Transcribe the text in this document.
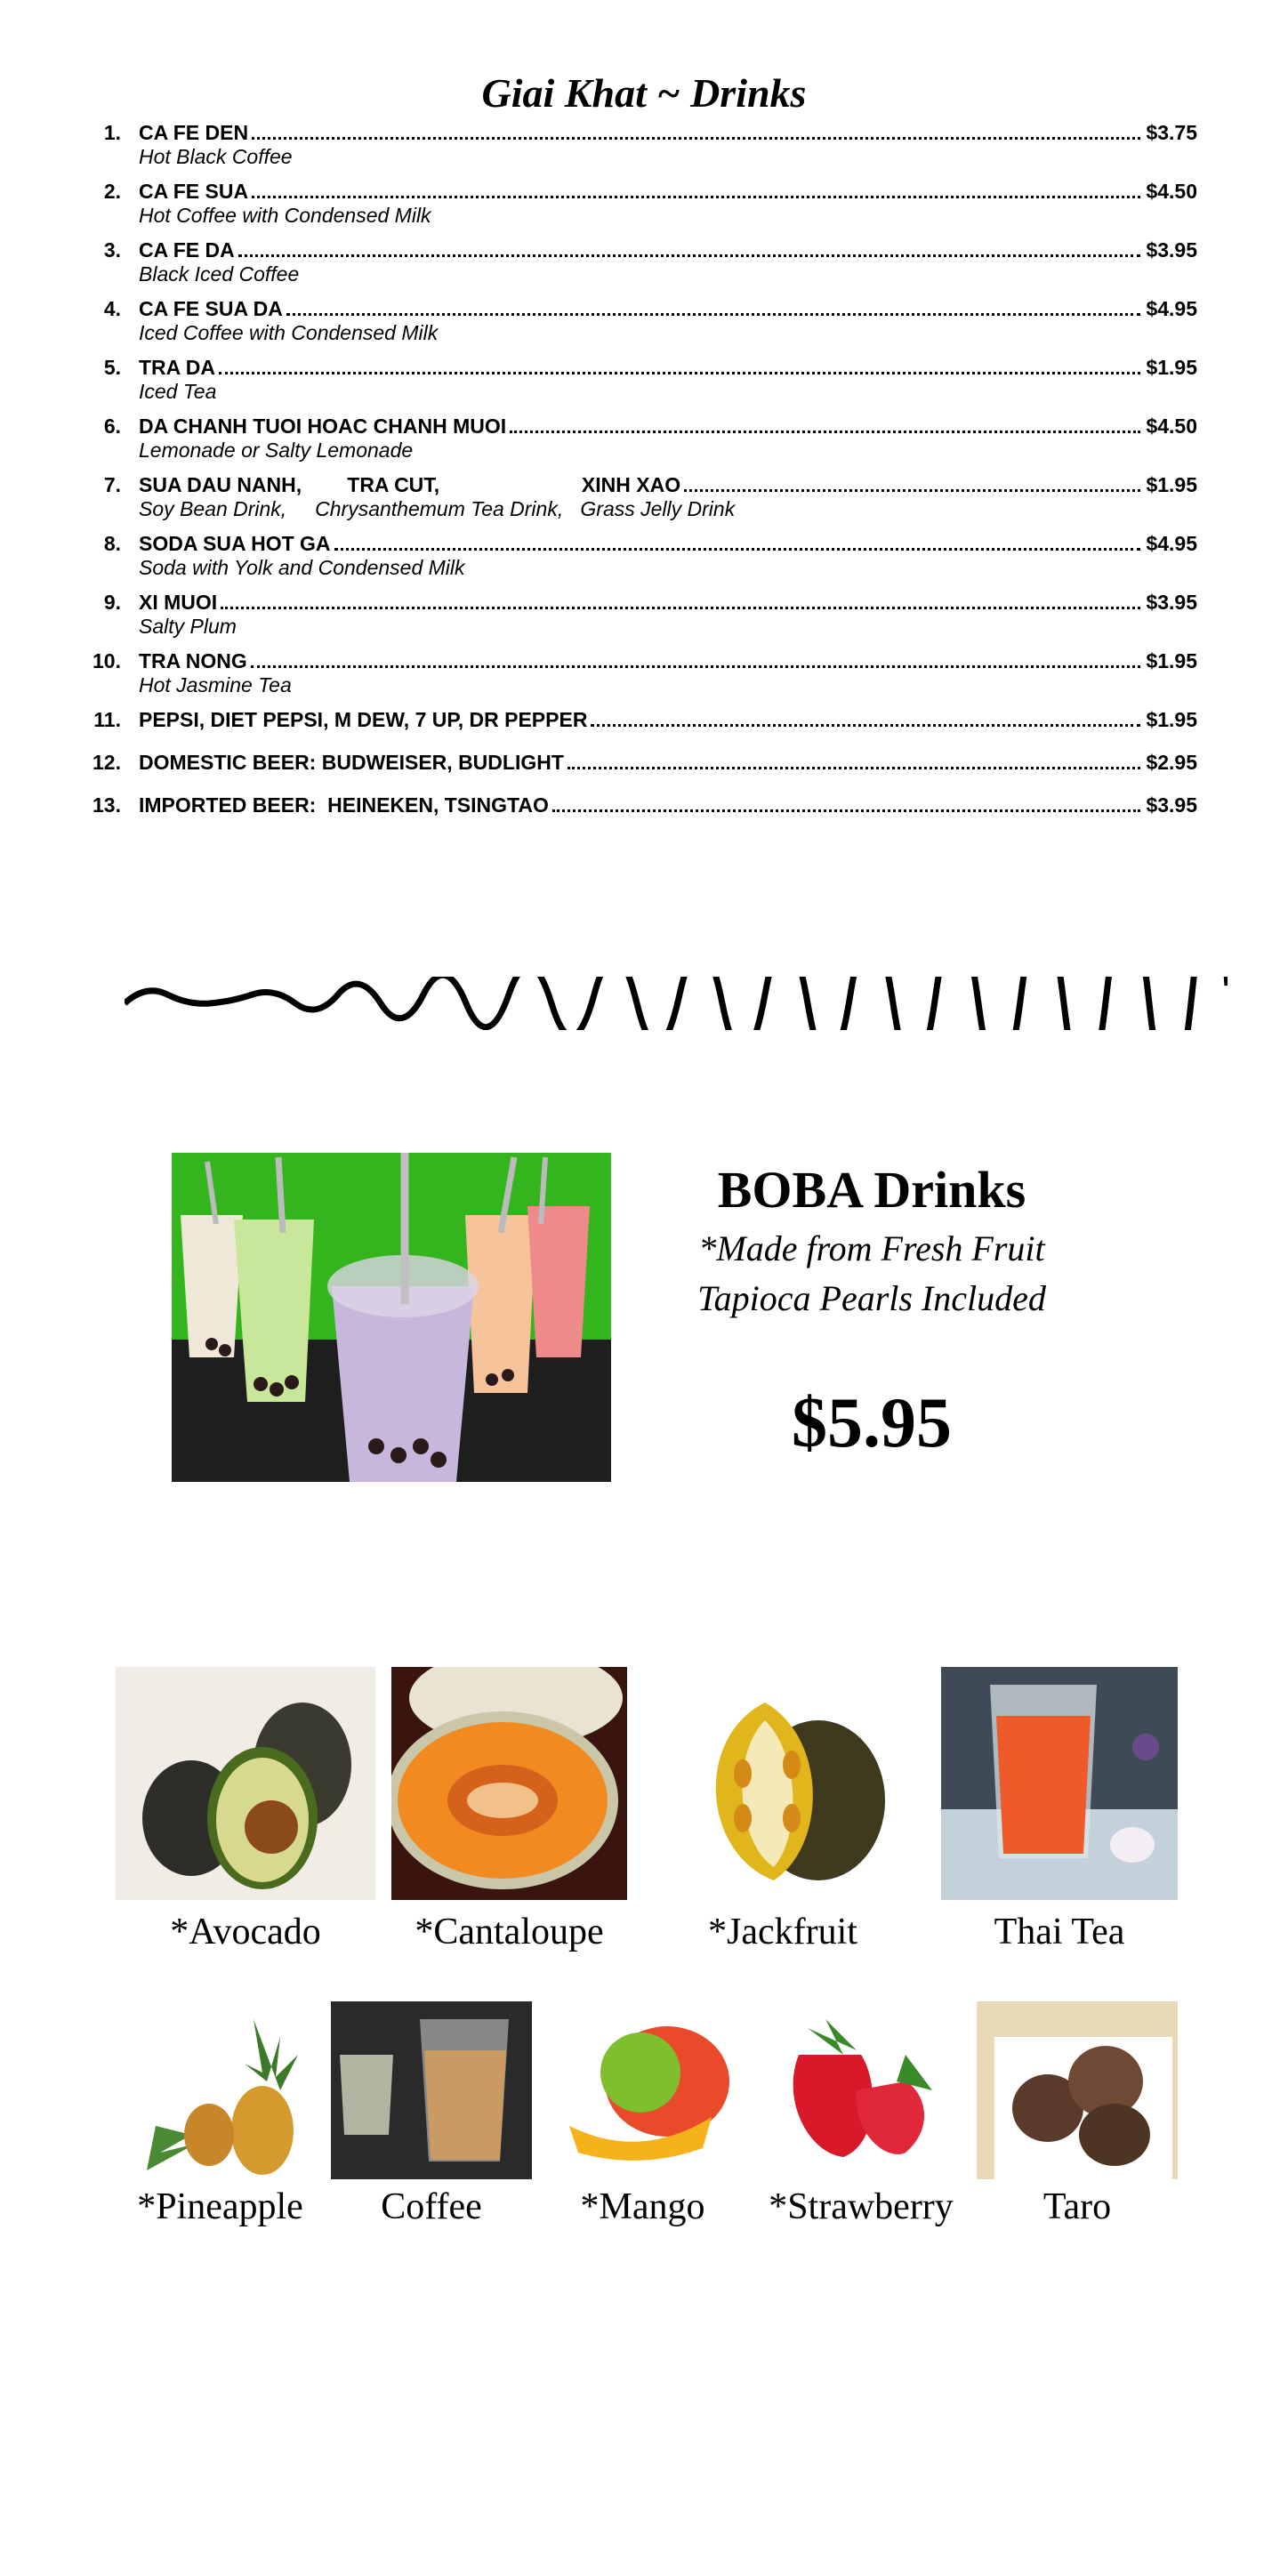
Giai Khat ~ Drinks
1. CA FE DEN	$3.75
Hot Black Coffee
2. CA FE SUA	$4.50
Hot Coffee with Condensed Milk
3. CA FE DA	$3.95
Black Iced Coffee
4. CA FE SUA DA	$4.95
Iced Coffee with Condensed Milk
5. TRA DA	$1.95
Iced Tea
6. DA CHANH TUOI HOAC CHANH MUOI	$4.50
Lemonade or Salty Lemonade
7. SUA DAU NANH,        TRA CUT,                         XINH XAO	$1.95
Soy Bean Drink,     Chrysanthemum Tea Drink,   Grass Jelly Drink
8. SODA SUA HOT GA	$4.95
Soda with Yolk and Condensed Milk
9. XI MUOI	$3.95
Salty Plum
10. TRA NONG	$1.95
Hot Jasmine Tea
11. PEPSI, DIET PEPSI, M DEW, 7 UP, DR PEPPER	$1.95
12. DOMESTIC BEER: BUDWEISER, BUDLIGHT	$2.95
13. IMPORTED BEER:  HEINEKEN, TSINGTAO	$3.95
BOBA Drinks
*Made from Fresh Fruit
Tapioca Pearls Included
$5.95
*Avocado	*Cantaloupe	*Jackfruit	Thai Tea
*Pineapple	Coffee	*Mango	*Strawberry	Taro
